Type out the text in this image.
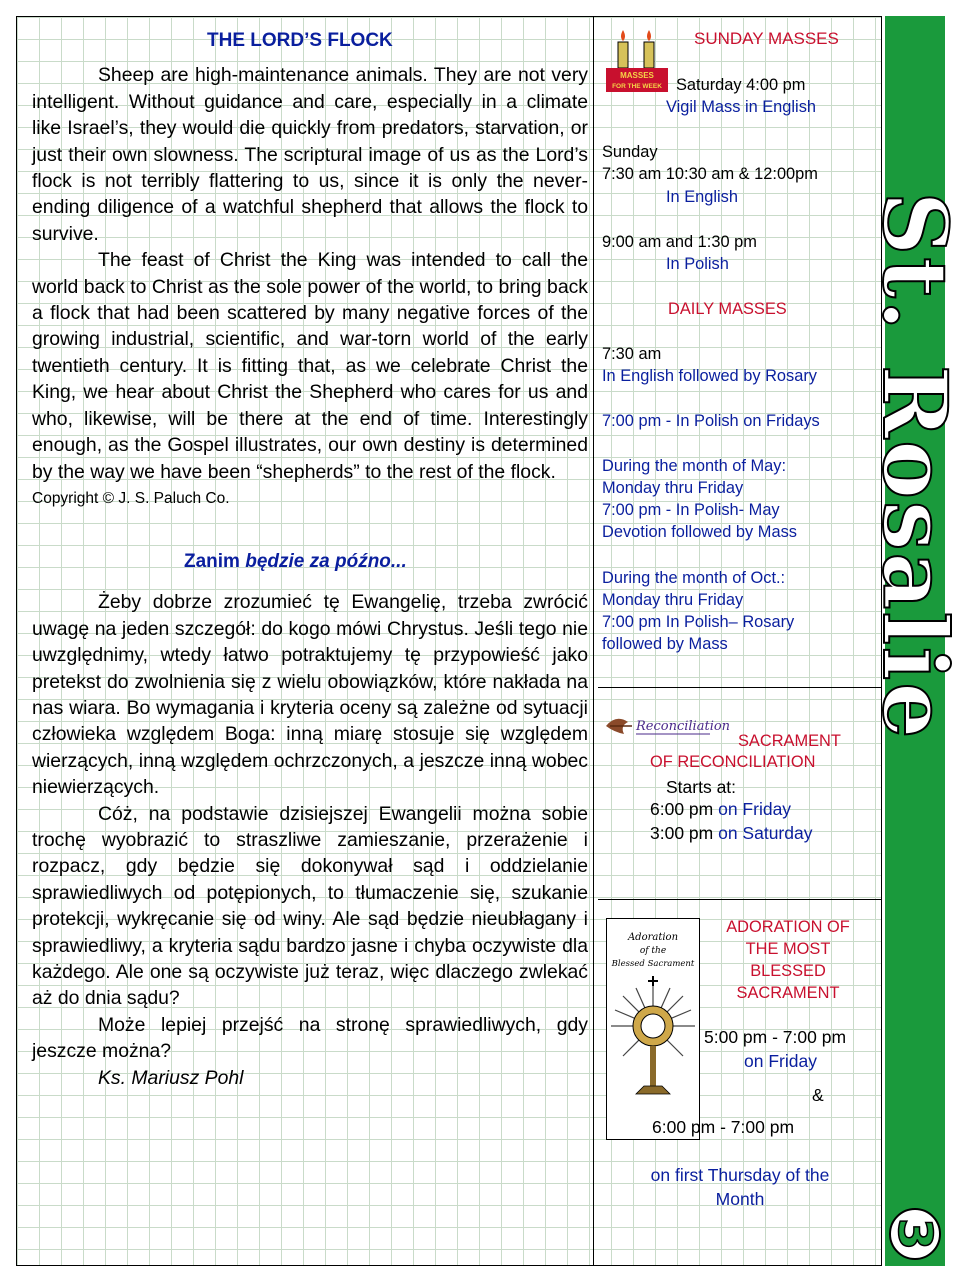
THE LORD’S FLOCK

Sheep are high-maintenance animals. They are not very intelligent. Without guidance and care, especially in a climate like Israel’s, they would die quickly from predators, starvation, or just their own slowness. The scriptural image of us as the Lord’s flock is not terribly flattering to us, since it is only the never-ending diligence of a watchful shepherd that allows the flock to survive.

The feast of Christ the King was intended to call the world back to Christ as the sole power of the world, to bring back a flock that had been scattered by many negative forces of the growing industrial, scientific, and war-torn world of the early twentieth century. It is fitting that, as we celebrate Christ the King, we hear about Christ the Shepherd who cares for us and who, likewise, will be there at the end of time. Interestingly enough, as the Gospel illustrates, our own destiny is determined by the way we have been “shepherds” to the rest of the flock.

Copyright © J. S. Paluch Co.

Zanim będzie za późno...

Żeby dobrze zrozumieć tę Ewangelię, trzeba zwrócić uwagę na jeden szczegół: do kogo mówi Chrystus. Jeśli tego nie uwzględnimy, wtedy łatwo potraktujemy tę przypowieść jako pretekst do zwolnienia się z wielu obowiązków, które nakłada na nas wiara. Bo wymagania i kryteria oceny są zależne od sytuacji człowieka względem Boga: inną miarę stosuje się względem wierzących, inną względem ochrzczonych, a jeszcze inną wobec niewierzących.

Cóż, na podstawie dzisiejszej Ewangelii można sobie trochę wyobrazić to straszliwe zamieszanie, przerażenie i rozpacz, gdy będzie się dokonywał sąd i oddzielanie sprawiedliwych od potępionych, to tłumaczenie się, szukanie protekcji, wykręcanie się od winy. Ale sąd będzie nieubłagany i sprawiedliwy, a kryteria sądu bardzo jasne i chyba oczywiste dla każdego. Ale one są oczywiste już teraz, więc dlaczego zwlekać aż do dnia sądu?

Może lepiej przejść na stronę sprawiedliwych, gdy jeszcze można?

Ks. Mariusz Pohl

MASSES
FOR THE WEEK
SUNDAY MASSES
Saturday 4:00 pm
Vigil Mass in English
Sunday
7:30 am 10:30 am & 12:00pm
In English
9:00 am and 1:30 pm
In Polish
DAILY MASSES
7:30 am
In English followed by Rosary
7:00 pm - In Polish on Fridays
During the month of May:
Monday thru Friday
7:00 pm - In Polish- May
Devotion followed by Mass
During the month of Oct.:
Monday thru Friday
7:00 pm In Polish– Rosary
followed by Mass
Reconciliation
SACRAMENT
OF RECONCILIATION
Starts at:
6:00 pm on Friday
3:00 pm on Saturday
Adoration
of the
Blessed Sacrament
ADORATION OF
THE MOST
BLESSED
SACRAMENT
5:00 pm - 7:00 pm
on Friday
&
6:00 pm - 7:00 pm
on first Thursday of the
Month
St. Rosalie
3
